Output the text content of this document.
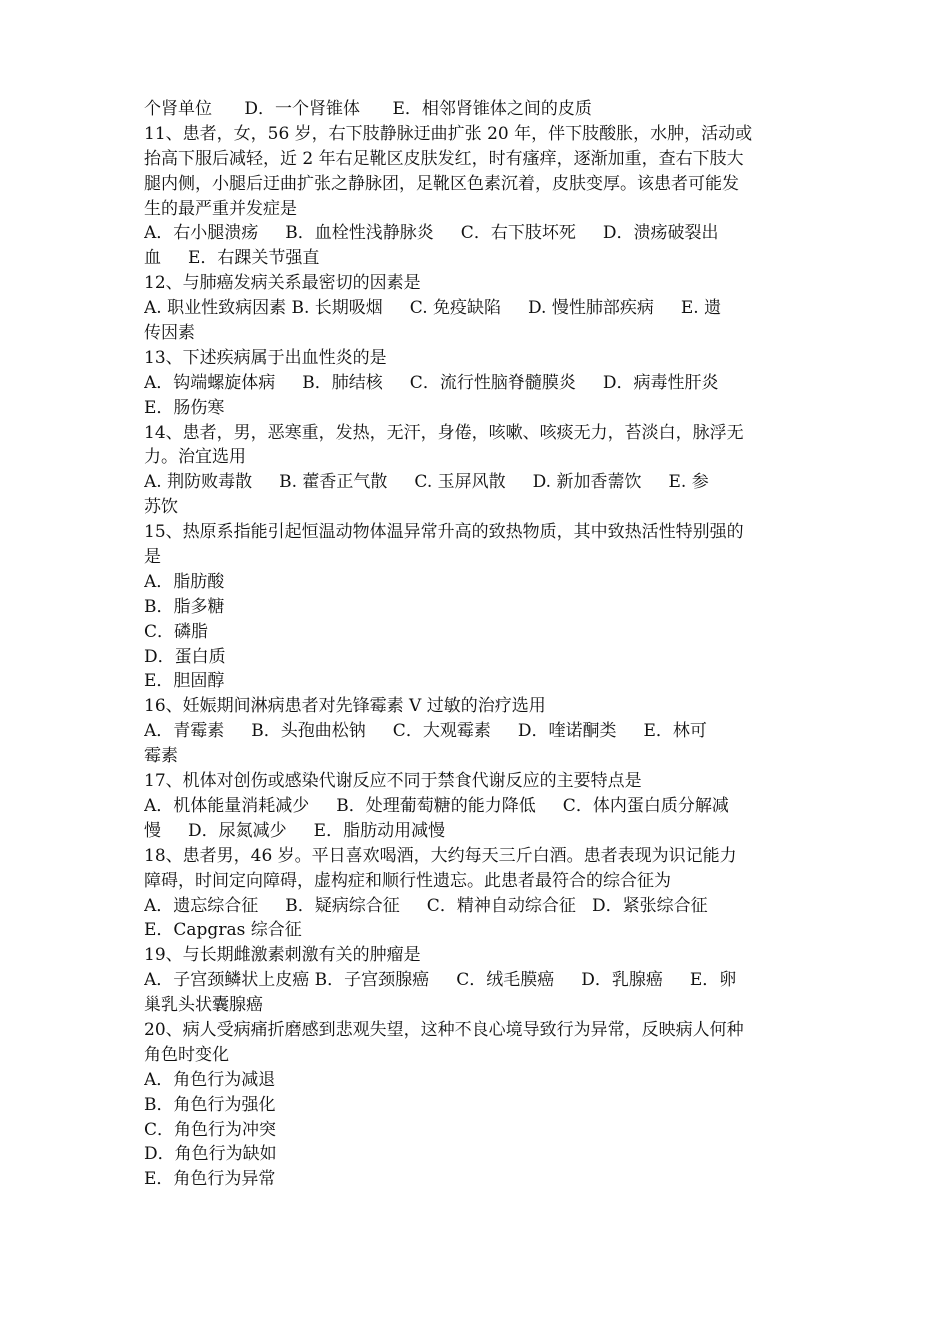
个肾单位      D．一个肾锥体      E．相邻肾锥体之间的皮质
11、患者，女，56 岁，右下肢静脉迂曲扩张 20 年，伴下肢酸胀，水肿，活动或
抬高下服后减轻，近 2 年右足靴区皮肤发红，时有瘙痒，逐渐加重，查右下肢大
腿内侧，小腿后迂曲扩张之静脉团，足靴区色素沉着，皮肤变厚。该患者可能发
生的最严重并发症是
A．右小腿溃疡     B．血栓性浅静脉炎     C．右下肢坏死     D．溃疡破裂出
血     E．右踝关节强直
12、与肺癌发病关系最密切的因素是
A. 职业性致病因素 B. 长期吸烟     C. 免疫缺陷     D. 慢性肺部疾病     E. 遗
传因素
13、下述疾病属于出血性炎的是
A．钩端螺旋体病     B．肺结核     C．流行性脑脊髓膜炎     D．病毒性肝炎
E．肠伤寒
14、患者，男，恶寒重，发热，无汗，身倦，咳嗽、咳痰无力，苔淡白，脉浮无
力。治宜选用
A. 荆防败毒散     B. 藿香正气散     C. 玉屏风散     D. 新加香薷饮     E. 参
苏饮
15、热原系指能引起恒温动物体温异常升高的致热物质，其中致热活性特别强的
是
A．脂肪酸
B．脂多糖
C．磷脂
D．蛋白质
E．胆固醇
16、妊娠期间淋病患者对先锋霉素 V 过敏的治疗选用
A．青霉素     B．头孢曲松钠     C．大观霉素     D．喹诺酮类     E．林可
霉素
17、机体对创伤或感染代谢反应不同于禁食代谢反应的主要特点是
A．机体能量消耗减少     B．处理葡萄糖的能力降低     C．体内蛋白质分解减
慢     D．尿氮减少     E．脂肪动用减慢
18、患者男，46 岁。平日喜欢喝酒，大约每天三斤白酒。患者表现为识记能力
障碍，时间定向障碍，虚构症和顺行性遗忘。此患者最符合的综合征为
A．遗忘综合征     B．疑病综合征     C．精神自动综合征   D．紧张综合征
E．Capgras 综合征
19、与长期雌激素刺激有关的肿瘤是
A．子宫颈鳞状上皮癌 B．子宫颈腺癌     C．绒毛膜癌     D．乳腺癌     E．卵
巢乳头状囊腺癌
20、病人受病痛折磨感到悲观失望，这种不良心境导致行为异常，反映病人何种
角色时变化
A．角色行为减退
B．角色行为强化
C．角色行为冲突
D．角色行为缺如
E．角色行为异常
